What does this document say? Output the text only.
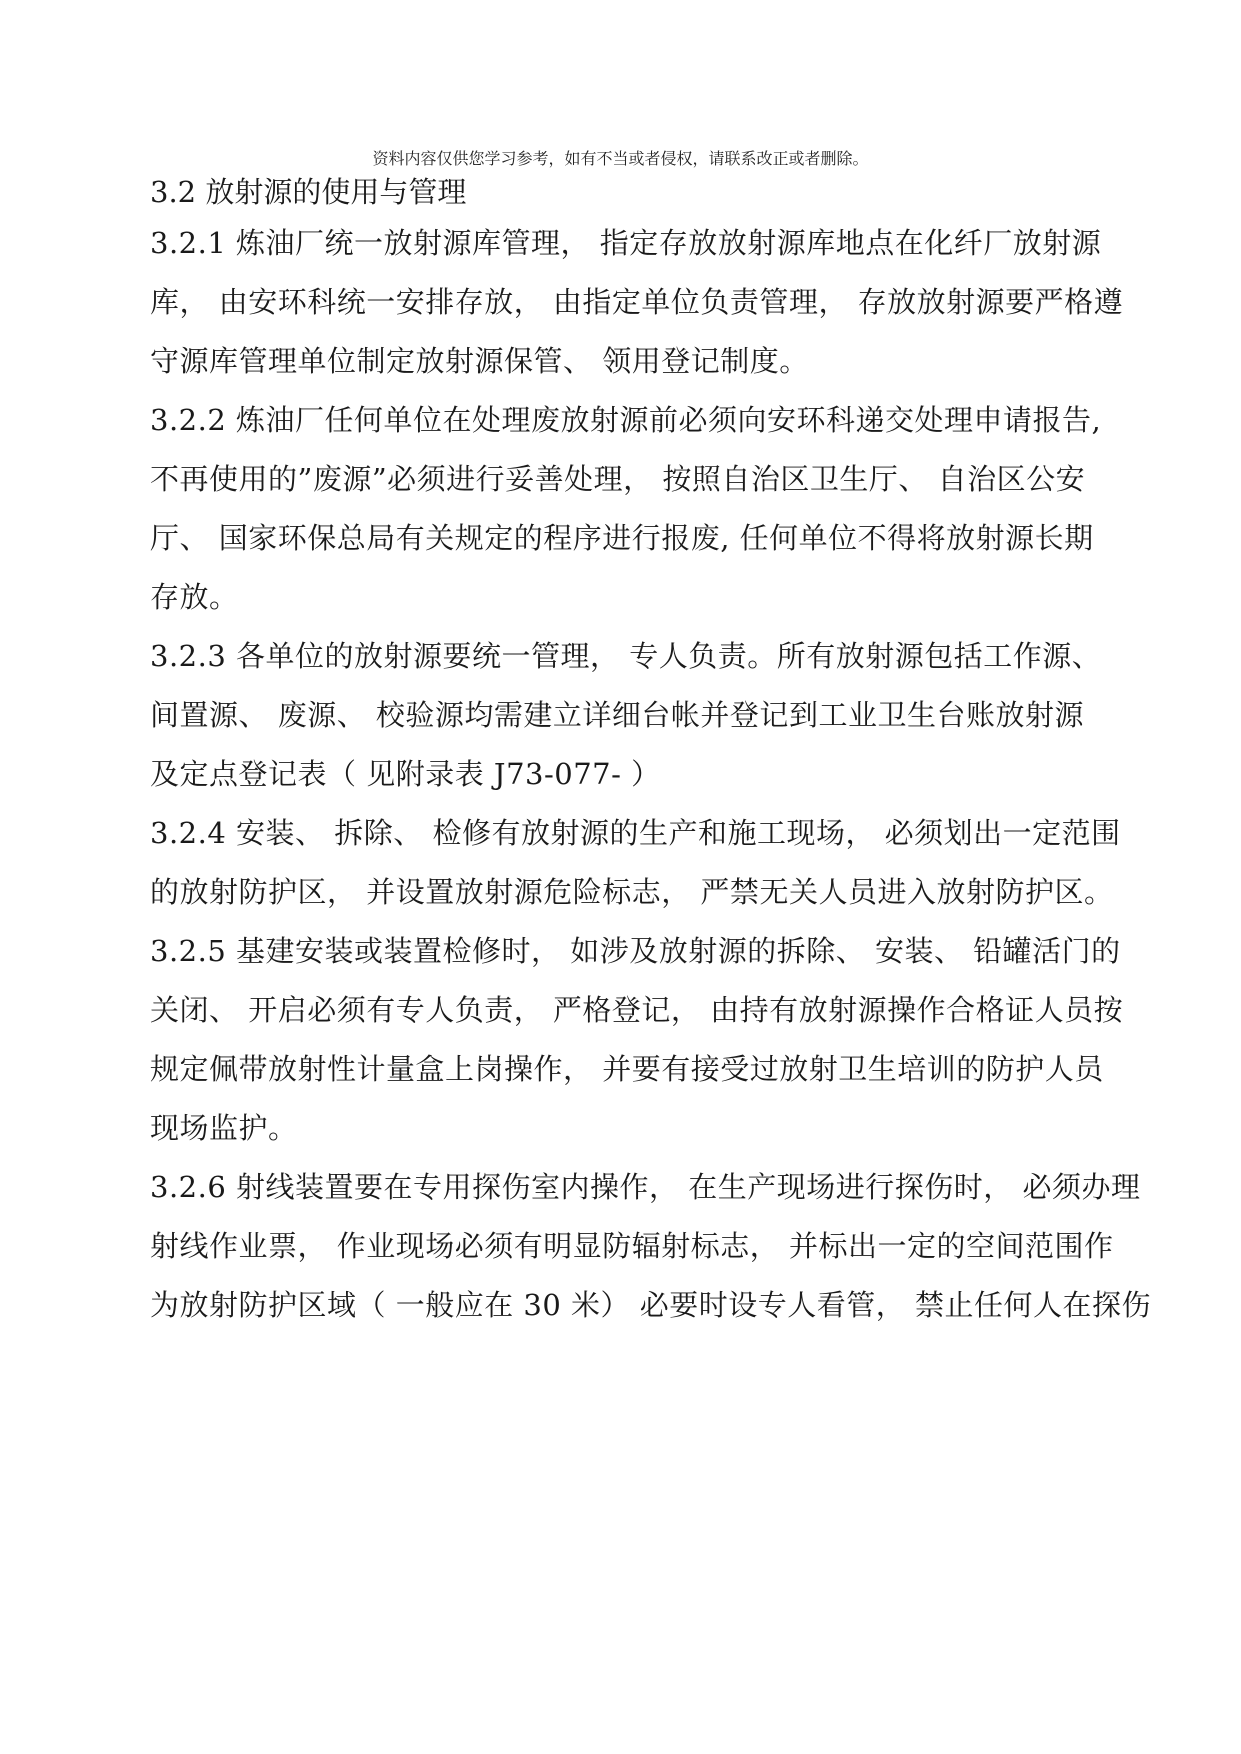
资料内容仅供您学习参考，如有不当或者侵权，请联系改正或者删除。
3.2 放射源的使用与管理
3.2.1 炼油厂统一放射源库管理， 指定存放放射源库地点在化纤厂放射源
库， 由安环科统一安排存放， 由指定单位负责管理， 存放放射源要严格遵
守源库管理单位制定放射源保管、 领用登记制度。
3.2.2 炼油厂任何单位在处理废放射源前必须向安环科递交处理申请报告,
不再使用的”废源”必须进行妥善处理， 按照自治区卫生厅、 自治区公安
厅、 国家环保总局有关规定的程序进行报废, 任何单位不得将放射源长期
存放。
3.2.3 各单位的放射源要统一管理， 专人负责。所有放射源包括工作源、
间置源、 废源、 校验源均需建立详细台帐并登记到工业卫生台账放射源
及定点登记表（ 见附录表 J73-077- ）
3.2.4 安装、 拆除、 检修有放射源的生产和施工现场， 必须划出一定范围
的放射防护区， 并设置放射源危险标志， 严禁无关人员进入放射防护区。
3.2.5 基建安装或装置检修时， 如涉及放射源的拆除、 安装、 铅罐活门的
关闭、 开启必须有专人负责， 严格登记， 由持有放射源操作合格证人员按
规定佩带放射性计量盒上岗操作， 并要有接受过放射卫生培训的防护人员
现场监护。
3.2.6 射线装置要在专用探伤室内操作， 在生产现场进行探伤时， 必须办理
射线作业票， 作业现场必须有明显防辐射标志， 并标出一定的空间范围作
为放射防护区域（ 一般应在 30 米） 必要时设专人看管， 禁止任何人在探伤
